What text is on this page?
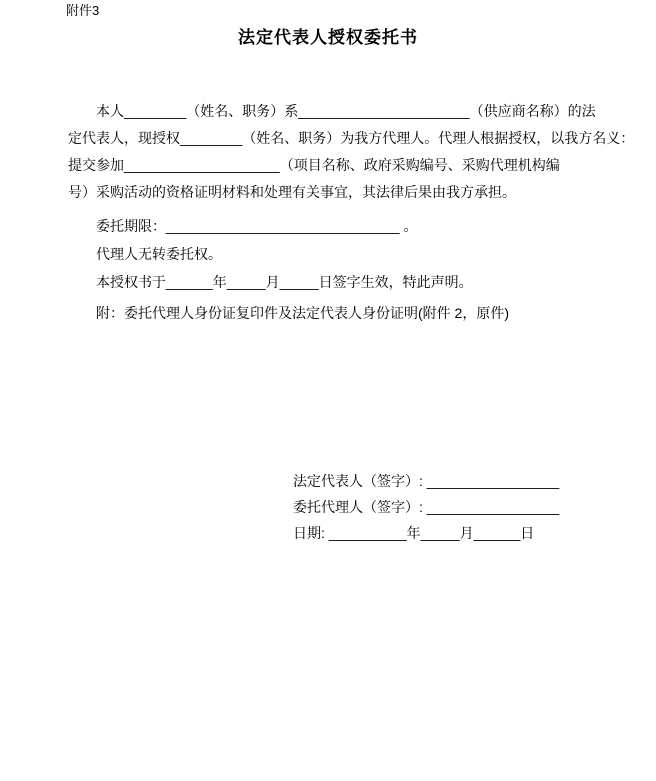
附件3
法定代表人授权委托书
本人________（姓名、职务）系______________________（供应商名称）的法
定代表人，现授权________（姓名、职务）为我方代理人。代理人根据授权，以我方名义：
提交参加____________________（项目名称、政府采购编号、采购代理机构编
号）采购活动的资格证明材料和处理有关事宜，其法律后果由我方承担。
委托期限：______________________________ 。
代理人无转委托权。
本授权书于______年_____月_____日签字生效，特此声明。
附：委托代理人身份证复印件及法定代表人身份证明(附件 2，原件)
法定代表人（签字）: _________________
委托代理人（签字）: _________________
日期: __________年_____月______日
